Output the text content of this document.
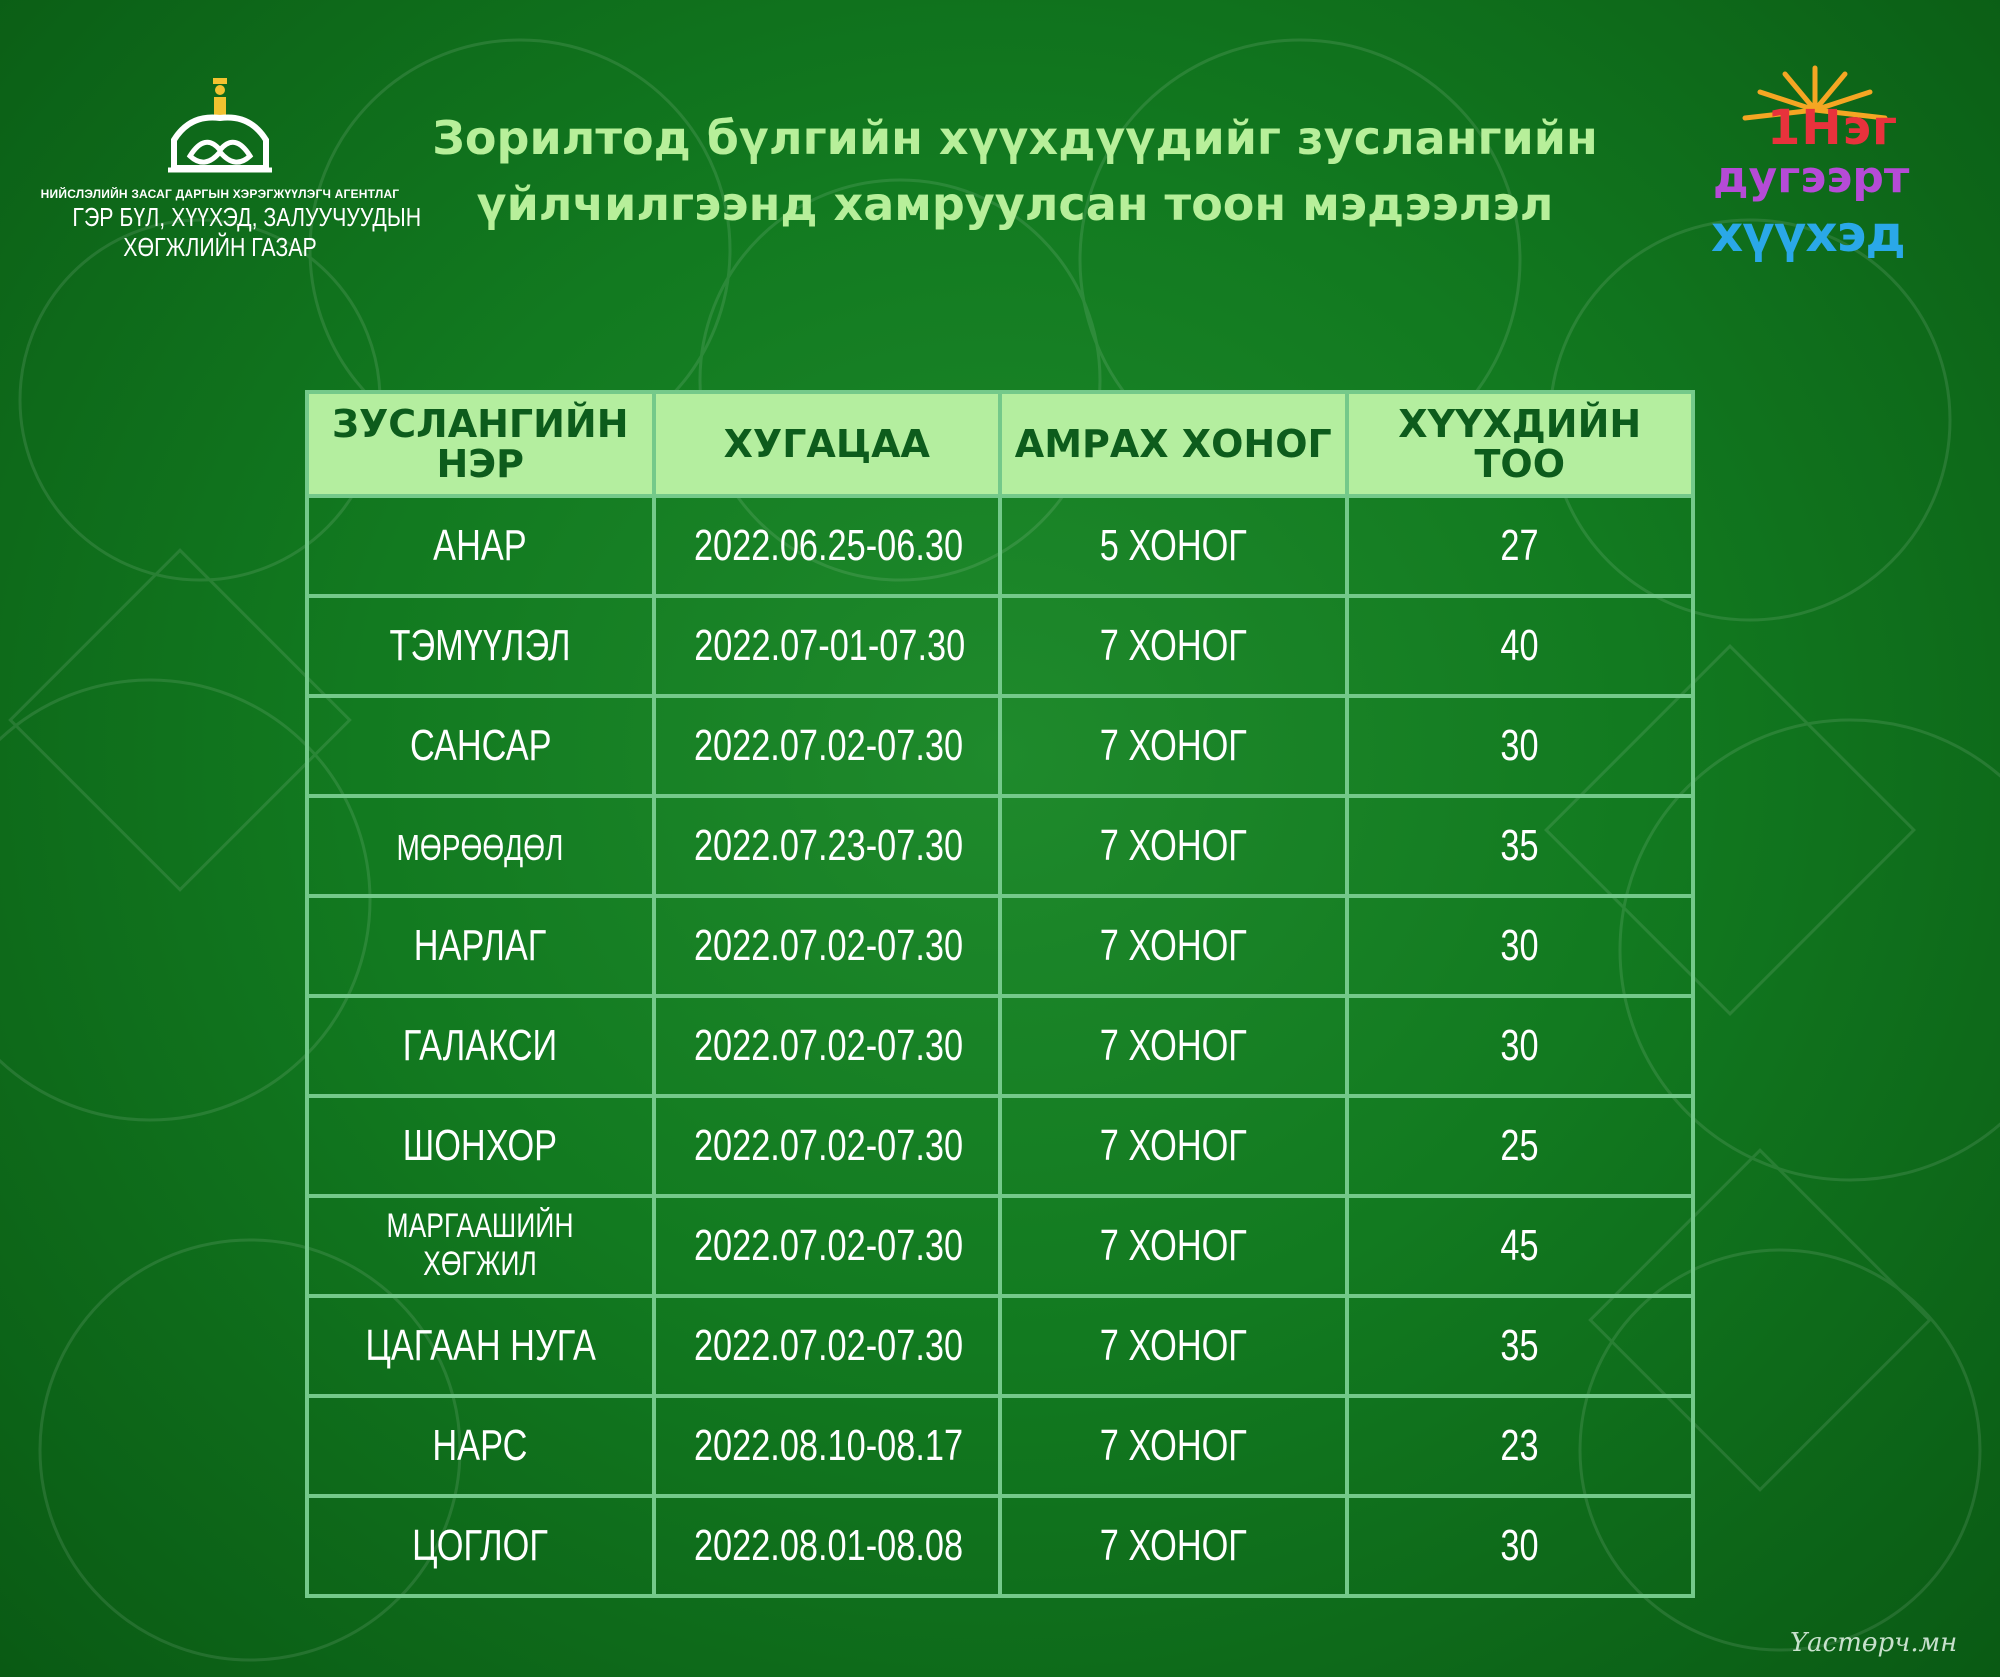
НИЙСЛЭЛИЙН ЗАСАГ ДАРГЫН ХЭРЭГЖҮҮЛЭГЧ АГЕНТЛАГ
ГЭР БҮЛ, ХҮҮХЭД, ЗАЛУУЧУУДЫН
ХӨГЖЛИЙН ГАЗАР
Зорилтод бүлгийн хүүхдүүдийг зуслангийн
үйлчилгээнд хамруулсан тоон мэдээлэл
1Нэг
дугээрт
хүүхэд
ЗУСЛАНГИЙН НЭР	ХУГАЦАА	АМРАХ ХОНОГ	ХҮҮХДИЙН ТОО
АНАР	2022.06.25-06.30	5 ХОНОГ	27
ТЭМҮҮЛЭЛ	2022.07-01-07.30	7 ХОНОГ	40
САНСАР	2022.07.02-07.30	7 ХОНОГ	30
МӨРӨӨДӨЛ	2022.07.23-07.30	7 ХОНОГ	35
НАРЛАГ	2022.07.02-07.30	7 ХОНОГ	30
ГАЛАКСИ	2022.07.02-07.30	7 ХОНОГ	30
ШОНХОР	2022.07.02-07.30	7 ХОНОГ	25
МАРГААШИЙН ХӨГЖИЛ	2022.07.02-07.30	7 ХОНОГ	45
ЦАГААН НУГА	2022.07.02-07.30	7 ХОНОГ	35
НАРС	2022.08.10-08.17	7 ХОНОГ	23
ЦОГЛОГ	2022.08.01-08.08	7 ХОНОГ	30
Үастөрч.мн
